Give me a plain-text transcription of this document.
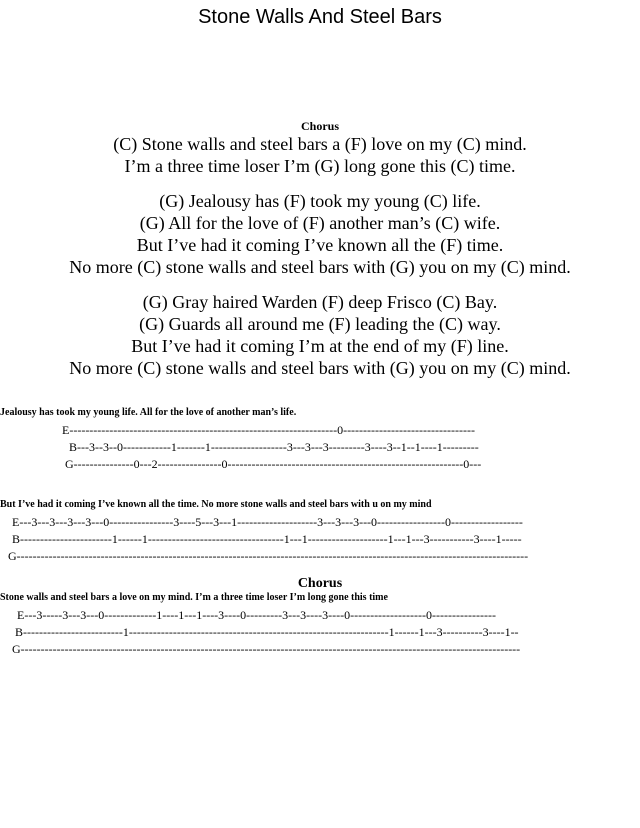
Stone Walls And Steel Bars
Chorus
(C) Stone walls and steel bars a (F) love on my (C) mind.
I’m a three time loser I’m (G) long gone this (C) time.
(G) Jealousy has (F) took my young (C) life.
(G) All for the love of (F) another man’s (C) wife.
But I’ve had it coming I’ve known all the (F) time.
No more (C) stone walls and steel bars with (G) you on my (C) mind.
(G) Gray haired Warden (F) deep Frisco (C) Bay.
(G) Guards all around me (F) leading the (C) way.
But I’ve had it coming I’m at the end of my (F) line.
No more (C) stone walls and steel bars with (G) you on my (C) mind.
Jealousy has took my young life. All for the love of another man’s life.
E-------------------------------------------------------------------0---------------------------------
B---3--3--0------------1-------1-------------------3---3---3---------3----3--1--1----1---------
G---------------0---2----------------0-----------------------------------------------------------0---
But I’ve had it coming I’ve known all the time. No more stone walls and steel bars with u on my mind
E---3---3---3---3---0----------------3----5---3---1--------------------3---3---3---0-----------------0------------------
B-----------------------1------1----------------------------------1---1--------------------1---1---3-----------3----1-----
G--------------------------------------------------------------------------------------------------------------------------------
Chorus
Stone walls and steel bars a love on my mind. I’m a three time loser I’m long gone this time
E---3-----3---3---0-------------1----1---1----3----0---------3---3----3----0-------------------0----------------
B-------------------------1-----------------------------------------------------------------1------1---3----------3----1--
G-----------------------------------------------------------------------------------------------------------------------------
